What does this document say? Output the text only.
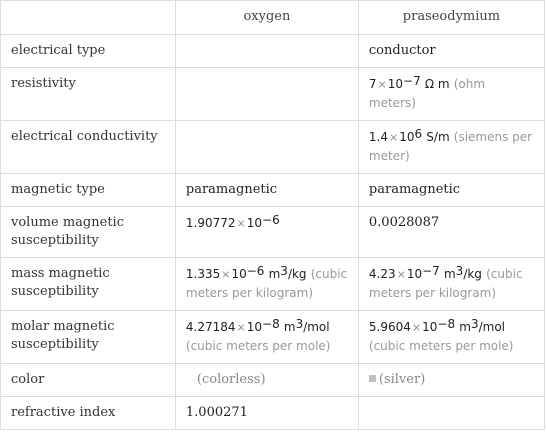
	oxygen	praseodymium
electrical type		conductor
resistivity		$7\times 10^{-7}$ Ω m (ohm meters)
electrical conductivity		$1.4\times 10^6$ S/m (siemens per meter)
magnetic type	paramagnetic	paramagnetic
volume magnetic susceptibility	$1.90772\times 10^{-6}$	0.0028087
mass magnetic susceptibility	$1.335\times 10^{-6}$ $m^3/kg$ (cubic meters per kilogram)	$4.23\times 10^{-7}$ $m^3/kg$ (cubic meters per kilogram)
molar magnetic susceptibility	$4.27184\times 10^{-8}$ $m^3$/mol (cubic meters per mole)	$5.9604\times 10^{-8}$ $m^3$/mol (cubic meters per mole)
color	(colorless)	(silver)
refractive index	1.000271	
